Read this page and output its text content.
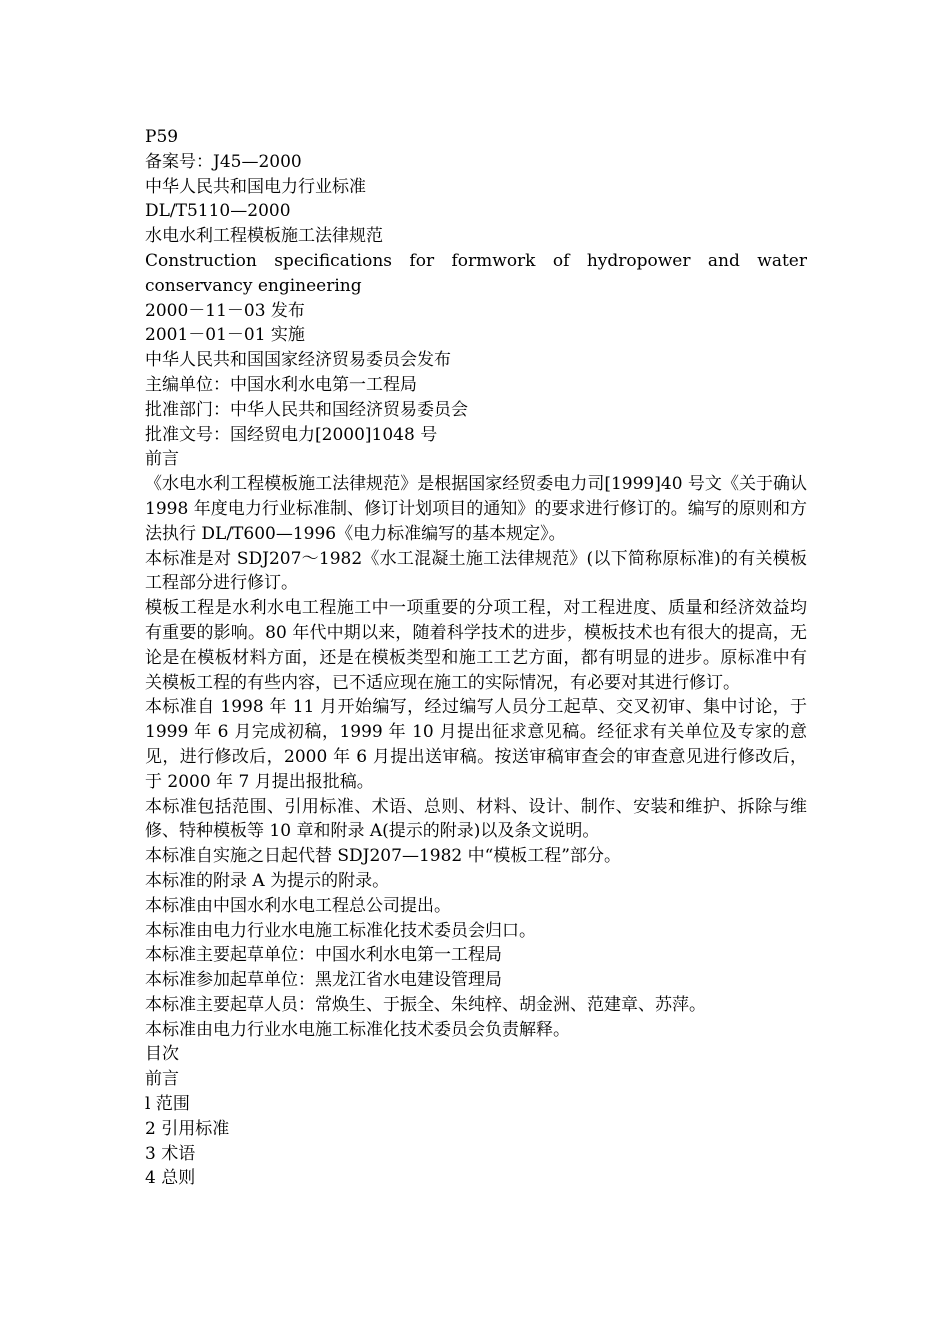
P59
备案号：J45—2000
中华人民共和国电力行业标准
DL/T5110—2000
水电水利工程模板施工法律规范
Construction specifications for formwork of hydropower and water conservancy engineering
2000－11－03 发布
2001－01－01 实施
中华人民共和国国家经济贸易委员会发布
主编单位：中国水利水电第一工程局
批准部门：中华人民共和国经济贸易委员会
批准文号：国经贸电力[2000]1048 号
前言
《水电水利工程模板施工法律规范》是根据国家经贸委电力司[1999]40 号文《关于确认 1998 年度电力行业标准制、修订计划项目的通知》的要求进行修订的。编写的原则和方法执行 DL/T600—1996《电力标准编写的基本规定》。
本标准是对 SDJ207～1982《水工混凝土施工法律规范》(以下简称原标准)的有关模板工程部分进行修订。
模板工程是水利水电工程施工中一项重要的分项工程，对工程进度、质量和经济效益均有重要的影响。80 年代中期以来，随着科学技术的进步，模板技术也有很大的提高，无论是在模板材料方面，还是在模板类型和施工工艺方面，都有明显的进步。原标准中有关模板工程的有些内容，已不适应现在施工的实际情况，有必要对其进行修订。
本标准自 1998 年 11 月开始编写，经过编写人员分工起草、交叉初审、集中讨论，于 1999 年 6 月完成初稿，1999 年 10 月提出征求意见稿。经征求有关单位及专家的意见，进行修改后，2000 年 6 月提出送审稿。按送审稿审查会的审查意见进行修改后，于 2000 年 7 月提出报批稿。
本标准包括范围、引用标准、术语、总则、材料、设计、制作、安装和维护、拆除与维修、特种模板等 10 章和附录 A(提示的附录)以及条文说明。
本标准自实施之日起代替 SDJ207—1982 中“模板工程”部分。
本标准的附录 A 为提示的附录。
本标准由中国水利水电工程总公司提出。
本标准由电力行业水电施工标准化技术委员会归口。
本标准主要起草单位：中国水利水电第一工程局
本标准参加起草单位：黑龙江省水电建设管理局
本标准主要起草人员：常焕生、于振全、朱纯梓、胡金洲、范建章、苏萍。
本标准由电力行业水电施工标准化技术委员会负责解释。
目次
前言
l 范围
2 引用标准
3 术语
4 总则
